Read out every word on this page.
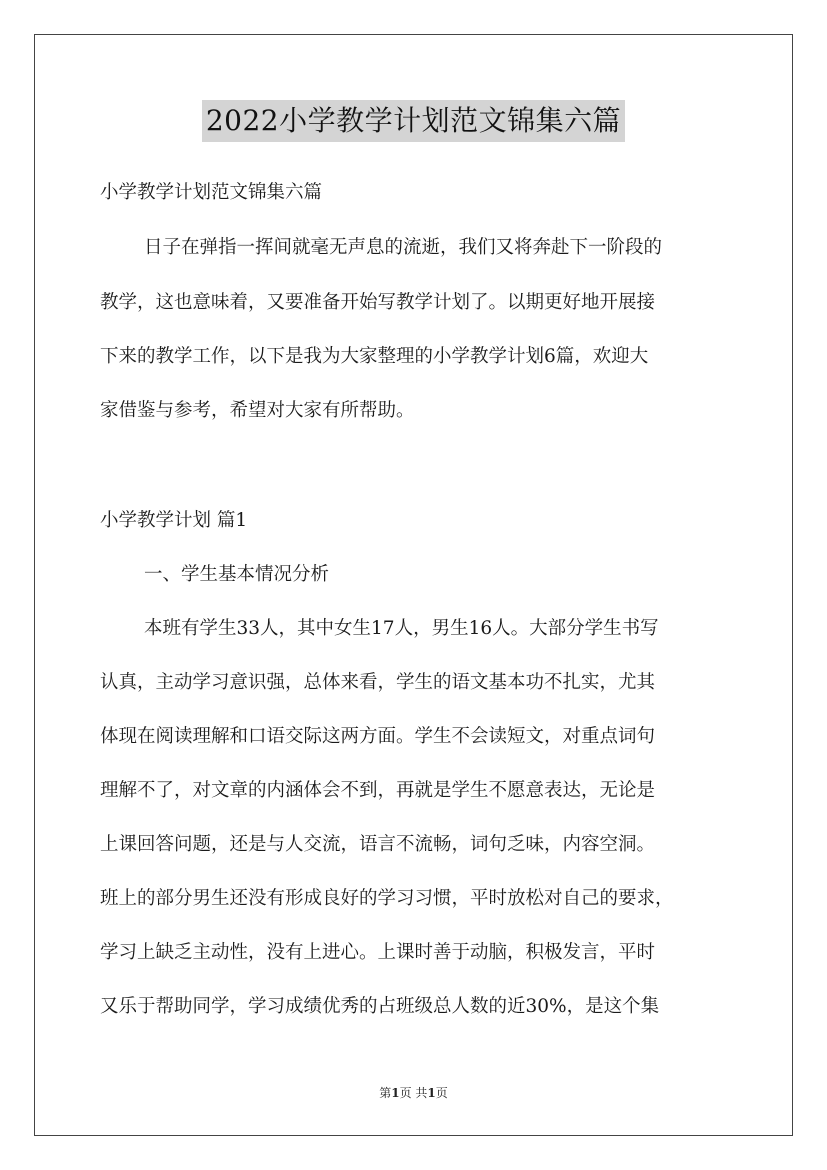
2022小学教学计划范文锦集六篇
小学教学计划范文锦集六篇
日子在弹指一挥间就毫无声息的流逝，我们又将奔赴下一阶段的
教学，这也意味着，又要准备开始写教学计划了。以期更好地开展接
下来的教学工作，以下是我为大家整理的小学教学计划6篇，欢迎大
家借鉴与参考，希望对大家有所帮助。
小学教学计划 篇1
一、学生基本情况分析
本班有学生33人，其中女生17人，男生16人。大部分学生书写
认真，主动学习意识强，总体来看，学生的语文基本功不扎实，尤其
体现在阅读理解和口语交际这两方面。学生不会读短文，对重点词句
理解不了，对文章的内涵体会不到，再就是学生不愿意表达，无论是
上课回答问题，还是与人交流，语言不流畅，词句乏味，内容空洞。
班上的部分男生还没有形成良好的学习习惯，平时放松对自己的要求，
学习上缺乏主动性，没有上进心。上课时善于动脑，积极发言，平时
又乐于帮助同学，学习成绩优秀的占班级总人数的近30%，是这个集
第1页 共1页
